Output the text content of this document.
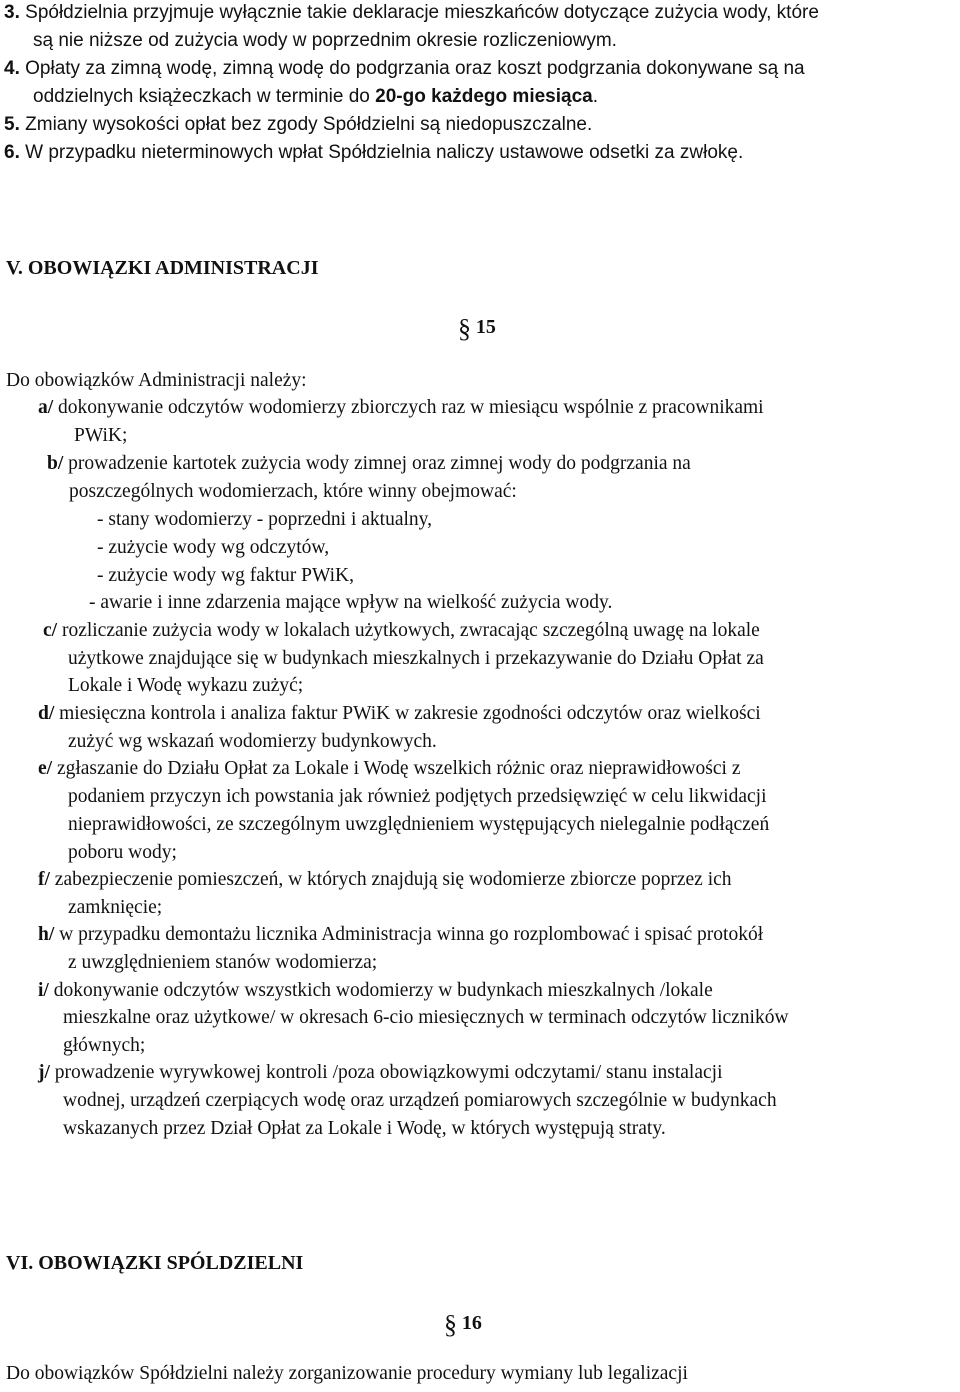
3. Spółdzielnia przyjmuje wyłącznie takie deklaracje mieszkańców dotyczące zużycia wody, które
są nie niższe od zużycia wody w poprzednim okresie rozliczeniowym.
4. Opłaty za zimną wodę, zimną wodę do podgrzania oraz koszt podgrzania dokonywane są na
oddzielnych książeczkach w terminie do 20-go każdego miesiąca.
5. Zmiany wysokości opłat bez zgody Spółdzielni są niedopuszczalne.
6. W przypadku nieterminowych wpłat Spółdzielnia naliczy ustawowe odsetki za zwłokę.
V. OBOWIĄZKI ADMINISTRACJI
§ 15
Do obowiązków Administracji należy:
a/ dokonywanie odczytów wodomierzy zbiorczych raz w miesiącu wspólnie z pracownikami
PWiK;
b/ prowadzenie kartotek zużycia wody zimnej oraz zimnej wody do podgrzania na
poszczególnych wodomierzach, które winny obejmować:
- stany wodomierzy - poprzedni i aktualny,
- zużycie wody wg odczytów,
- zużycie wody wg faktur PWiK,
- awarie i inne zdarzenia mające wpływ na wielkość zużycia wody.
c/ rozliczanie zużycia wody w lokalach użytkowych, zwracając szczególną uwagę na lokale
użytkowe znajdujące się w budynkach mieszkalnych i przekazywanie do Działu Opłat za
Lokale i Wodę wykazu zużyć;
d/ miesięczna kontrola i analiza faktur PWiK w zakresie zgodności odczytów oraz wielkości
zużyć wg wskazań wodomierzy budynkowych.
e/ zgłaszanie do Działu Opłat za Lokale i Wodę wszelkich różnic oraz nieprawidłowości z
podaniem przyczyn ich powstania jak również podjętych przedsięwzięć w celu likwidacji
nieprawidłowości, ze szczególnym uwzględnieniem występujących nielegalnie podłączeń
poboru wody;
f/ zabezpieczenie pomieszczeń, w których znajdują się wodomierze zbiorcze poprzez ich
zamknięcie;
h/ w przypadku demontażu licznika Administracja winna go rozplombować i spisać protokół
z uwzględnieniem stanów wodomierza;
i/ dokonywanie odczytów wszystkich wodomierzy w budynkach mieszkalnych /lokale
mieszkalne oraz użytkowe/ w okresach 6-cio miesięcznych w terminach odczytów liczników
głównych;
j/ prowadzenie wyrywkowej kontroli /poza obowiązkowymi odczytami/ stanu instalacji
wodnej, urządzeń czerpiących wodę oraz urządzeń pomiarowych szczególnie w budynkach
wskazanych przez Dział Opłat za Lokale i Wodę, w których występują straty.
VI. OBOWIĄZKI SPÓLDZIELNI
§ 16
Do obowiązków Spółdzielni należy zorganizowanie procedury wymiany lub legalizacji
